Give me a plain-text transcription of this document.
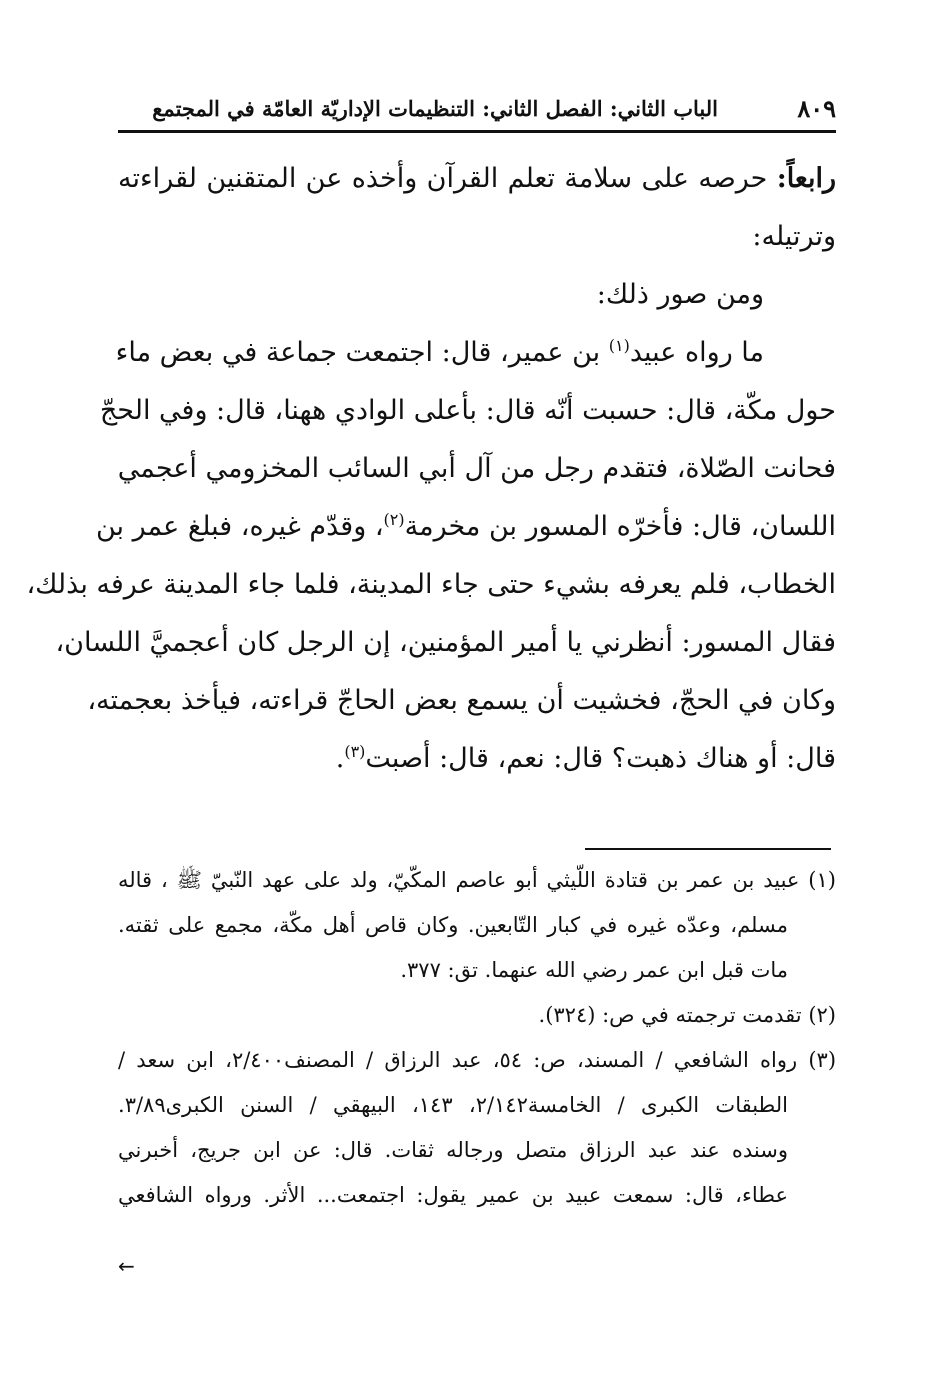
٨٠٩
الباب الثاني: الفصل الثاني: التنظيمات الإداريّة العامّة في المجتمع
رابعاً: حرصه على سلامة تعلم القرآن وأخذه عن المتقنين لقراءته
وترتيله:
ومن صور ذلك:
ما رواه عبيد$^{(١)}$ بن عمير، قال: اجتمعت جماعة في بعض ماء
حول مكّة، قال: حسبت أنّه قال: بأعلى الوادي ههنا، قال: وفي الحجّ
فحانت الصّلاة، فتقدم رجل من آل أبي السائب المخزومي أعجمي
اللسان، قال: فأخرّه المسور بن مخرمة$^{(٢)}$، وقدّم غيره، فبلغ عمر بن
الخطاب، فلم يعرفه بشيء حتى جاء المدينة، فلما جاء المدينة عرفه بذلك،
فقال المسور: أنظرني يا أمير المؤمنين، إن الرجل كان أعجميَّ اللسان،
وكان في الحجّ، فخشيت أن يسمع بعض الحاجّ قراءته، فيأخذ بعجمته،
قال: أو هناك ذهبت؟ قال: نعم، قال: أصبت$^{(٣)}$.
(١) عبيد بن عمر بن قتادة اللّيثي أبو عاصم المكّيّ، ولد على عهد النّبيّ ﷺ ، قاله
مسلم، وعدّه غيره في كبار التّابعين. وكان قاص أهل مكّة، مجمع على ثقته.
مات قبل ابن عمر رضي الله عنهما. تق: ٣٧٧.
(٢) تقدمت ترجمته في ص: (٣٢٤).
(٣) رواه الشافعي / المسند، ص: ٥٤، عبد الرزاق / المصنف٢/٤٠٠، ابن سعد /
الطبقات الكبرى / الخامسة٢/١٤٢، ١٤٣، البيهقي / السنن الكبرى٣/٨٩.
وسنده عند عبد الرزاق متصل ورجاله ثقات. قال: عن ابن جريج، أخبرني
عطاء، قال: سمعت عبيد بن عمير يقول: اجتمعت... الأثر. ورواه الشافعي
←
